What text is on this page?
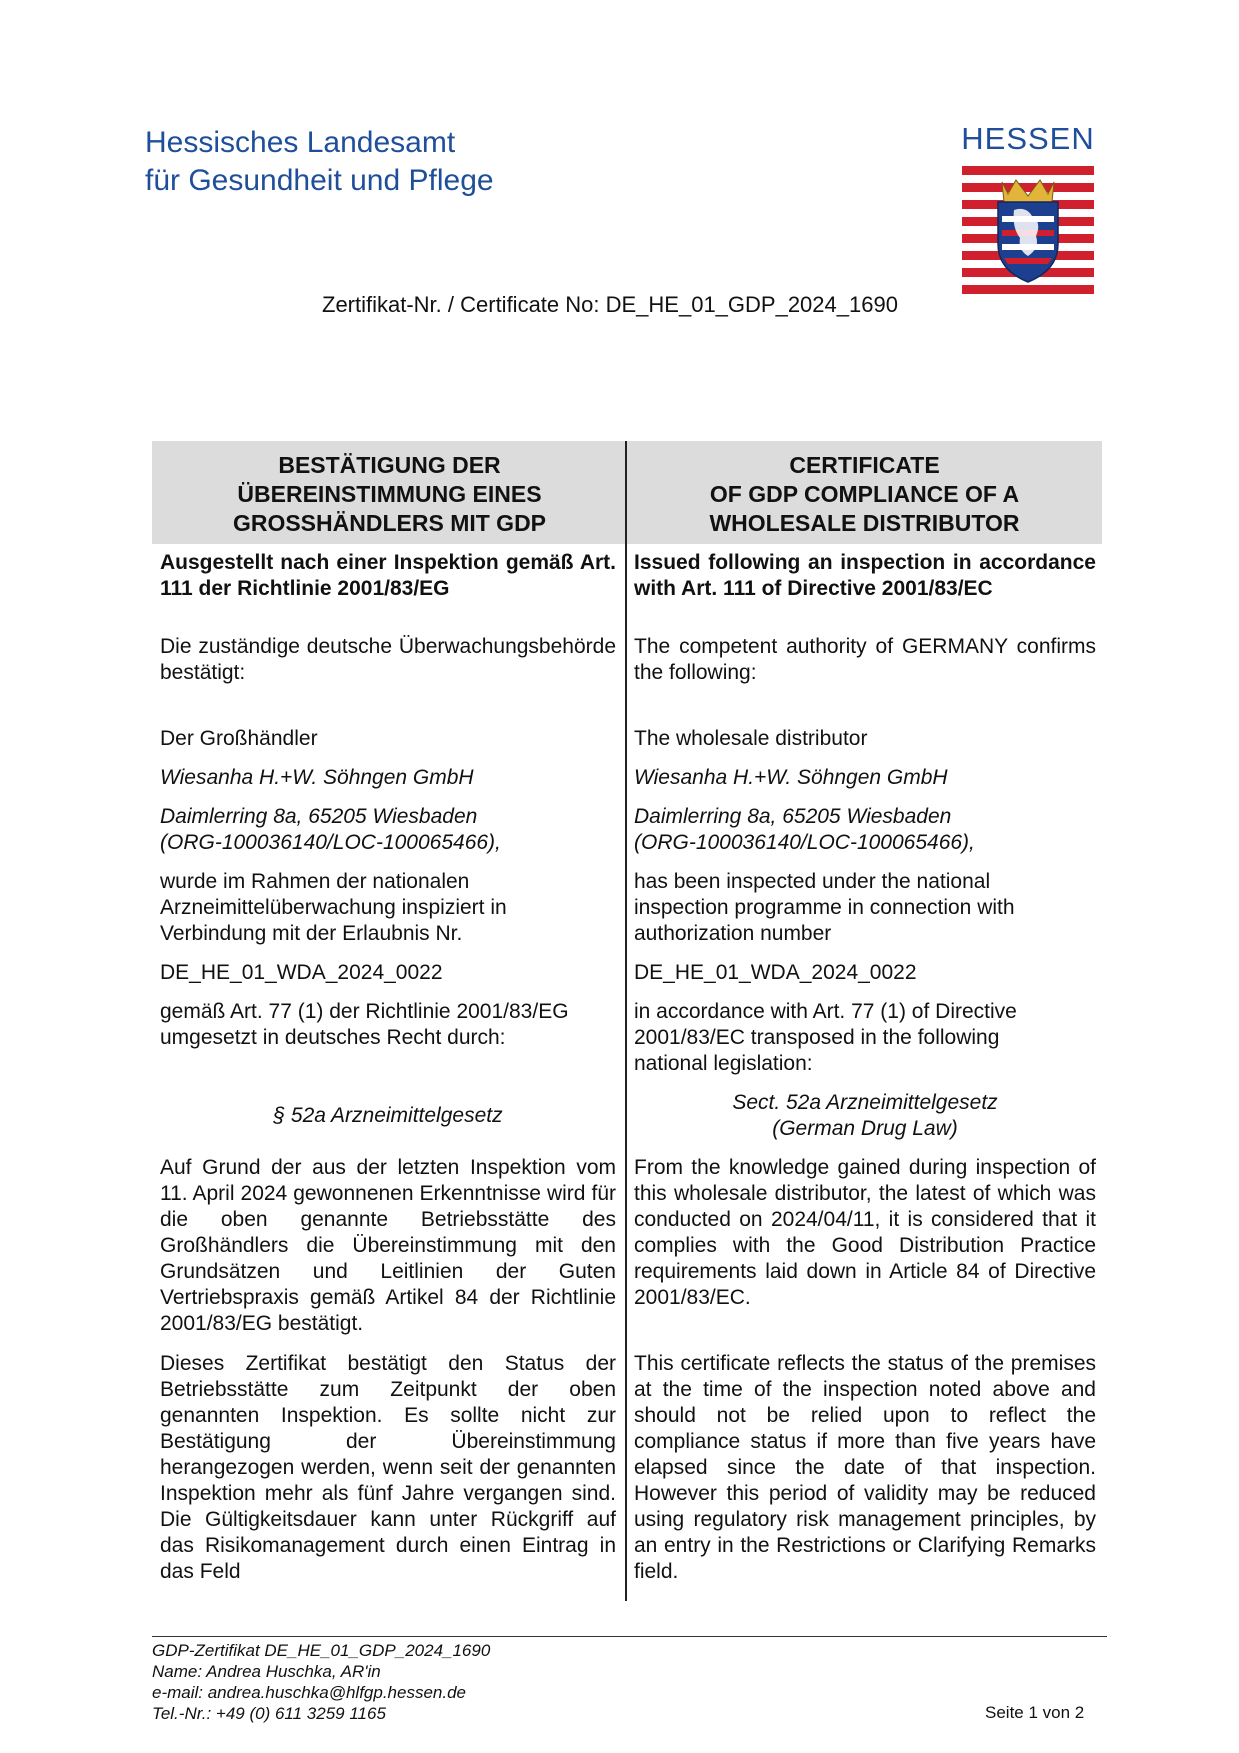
Hessisches Landesamt
für Gesundheit und Pflege
HESSEN
Zertifikat-Nr. / Certificate No: DE_HE_01_GDP_2024_1690
BESTÄTIGUNG DER
ÜBEREINSTIMMUNG EINES
GROSSHÄNDLERS MIT GDP
CERTIFICATE
OF GDP COMPLIANCE OF A
WHOLESALE DISTRIBUTOR

Ausgestellt nach einer Inspektion gemäß Art. 111 der Richtlinie 2001/83/EG

Die zuständige deutsche Überwachungsbehörde bestätigt:

Der Großhändler

Wiesanha H.+W. Söhngen GmbH

Daimlerring 8a, 65205 Wiesbaden

(ORG-100036140/LOC-100065466),

wurde im Rahmen der nationalen Arzneimittelüberwachung inspiziert in Verbindung mit der Erlaubnis Nr.

DE_HE_01_WDA_2024_0022

gemäß Art. 77 (1) der Richtlinie 2001/83/EG umgesetzt in deutsches Recht durch:

§ 52a Arzneimittelgesetz

Auf Grund der aus der letzten Inspektion vom 11. April 2024 gewonnenen Erkenntnisse wird für die oben genannte Betriebsstätte des Großhändlers die Übereinstimmung mit den Grundsätzen und Leitlinien der Guten Vertriebspraxis gemäß Artikel 84 der Richtlinie 2001/83/EG bestätigt.

Dieses Zertifikat bestätigt den Status der Betriebsstätte zum Zeitpunkt der oben genannten Inspektion. Es sollte nicht zur Bestätigung der Übereinstimmung herangezogen werden, wenn seit der genannten Inspektion mehr als fünf Jahre vergangen sind. Die Gültigkeitsdauer kann unter Rückgriff auf das Risikomanagement durch einen Eintrag in das Feld

Issued following an inspection in accordance with Art. 111 of Directive 2001/83/EC

The competent authority of GERMANY confirms the following:

The wholesale distributor

Wiesanha H.+W. Söhngen GmbH

Daimlerring 8a, 65205 Wiesbaden

(ORG-100036140/LOC-100065466),

has been inspected under the national inspection programme in connection with authorization number

DE_HE_01_WDA_2024_0022

in accordance with Art. 77 (1) of Directive 2001/83/EC transposed in the following national legislation:

Sect. 52a Arzneimittelgesetz

(German Drug Law)

From the knowledge gained during inspection of this wholesale distributor, the latest of which was conducted on 2024/04/11, it is considered that it complies with the Good Distribution Practice requirements laid down in Article 84 of Directive 2001/83/EC.

This certificate reflects the status of the premises at the time of the inspection noted above and should not be relied upon to reflect the compliance status if more than five years have elapsed since the date of that inspection. However this period of validity may be reduced using regulatory risk management principles, by an entry in the Restrictions or Clarifying Remarks field.

GDP-Zertifikat DE_HE_01_GDP_2024_1690
Name: Andrea Huschka, AR'in
e-mail: andrea.huschka@hlfgp.hessen.de
Tel.-Nr.: +49 (0) 611 3259 1165	Seite 1 von 2
